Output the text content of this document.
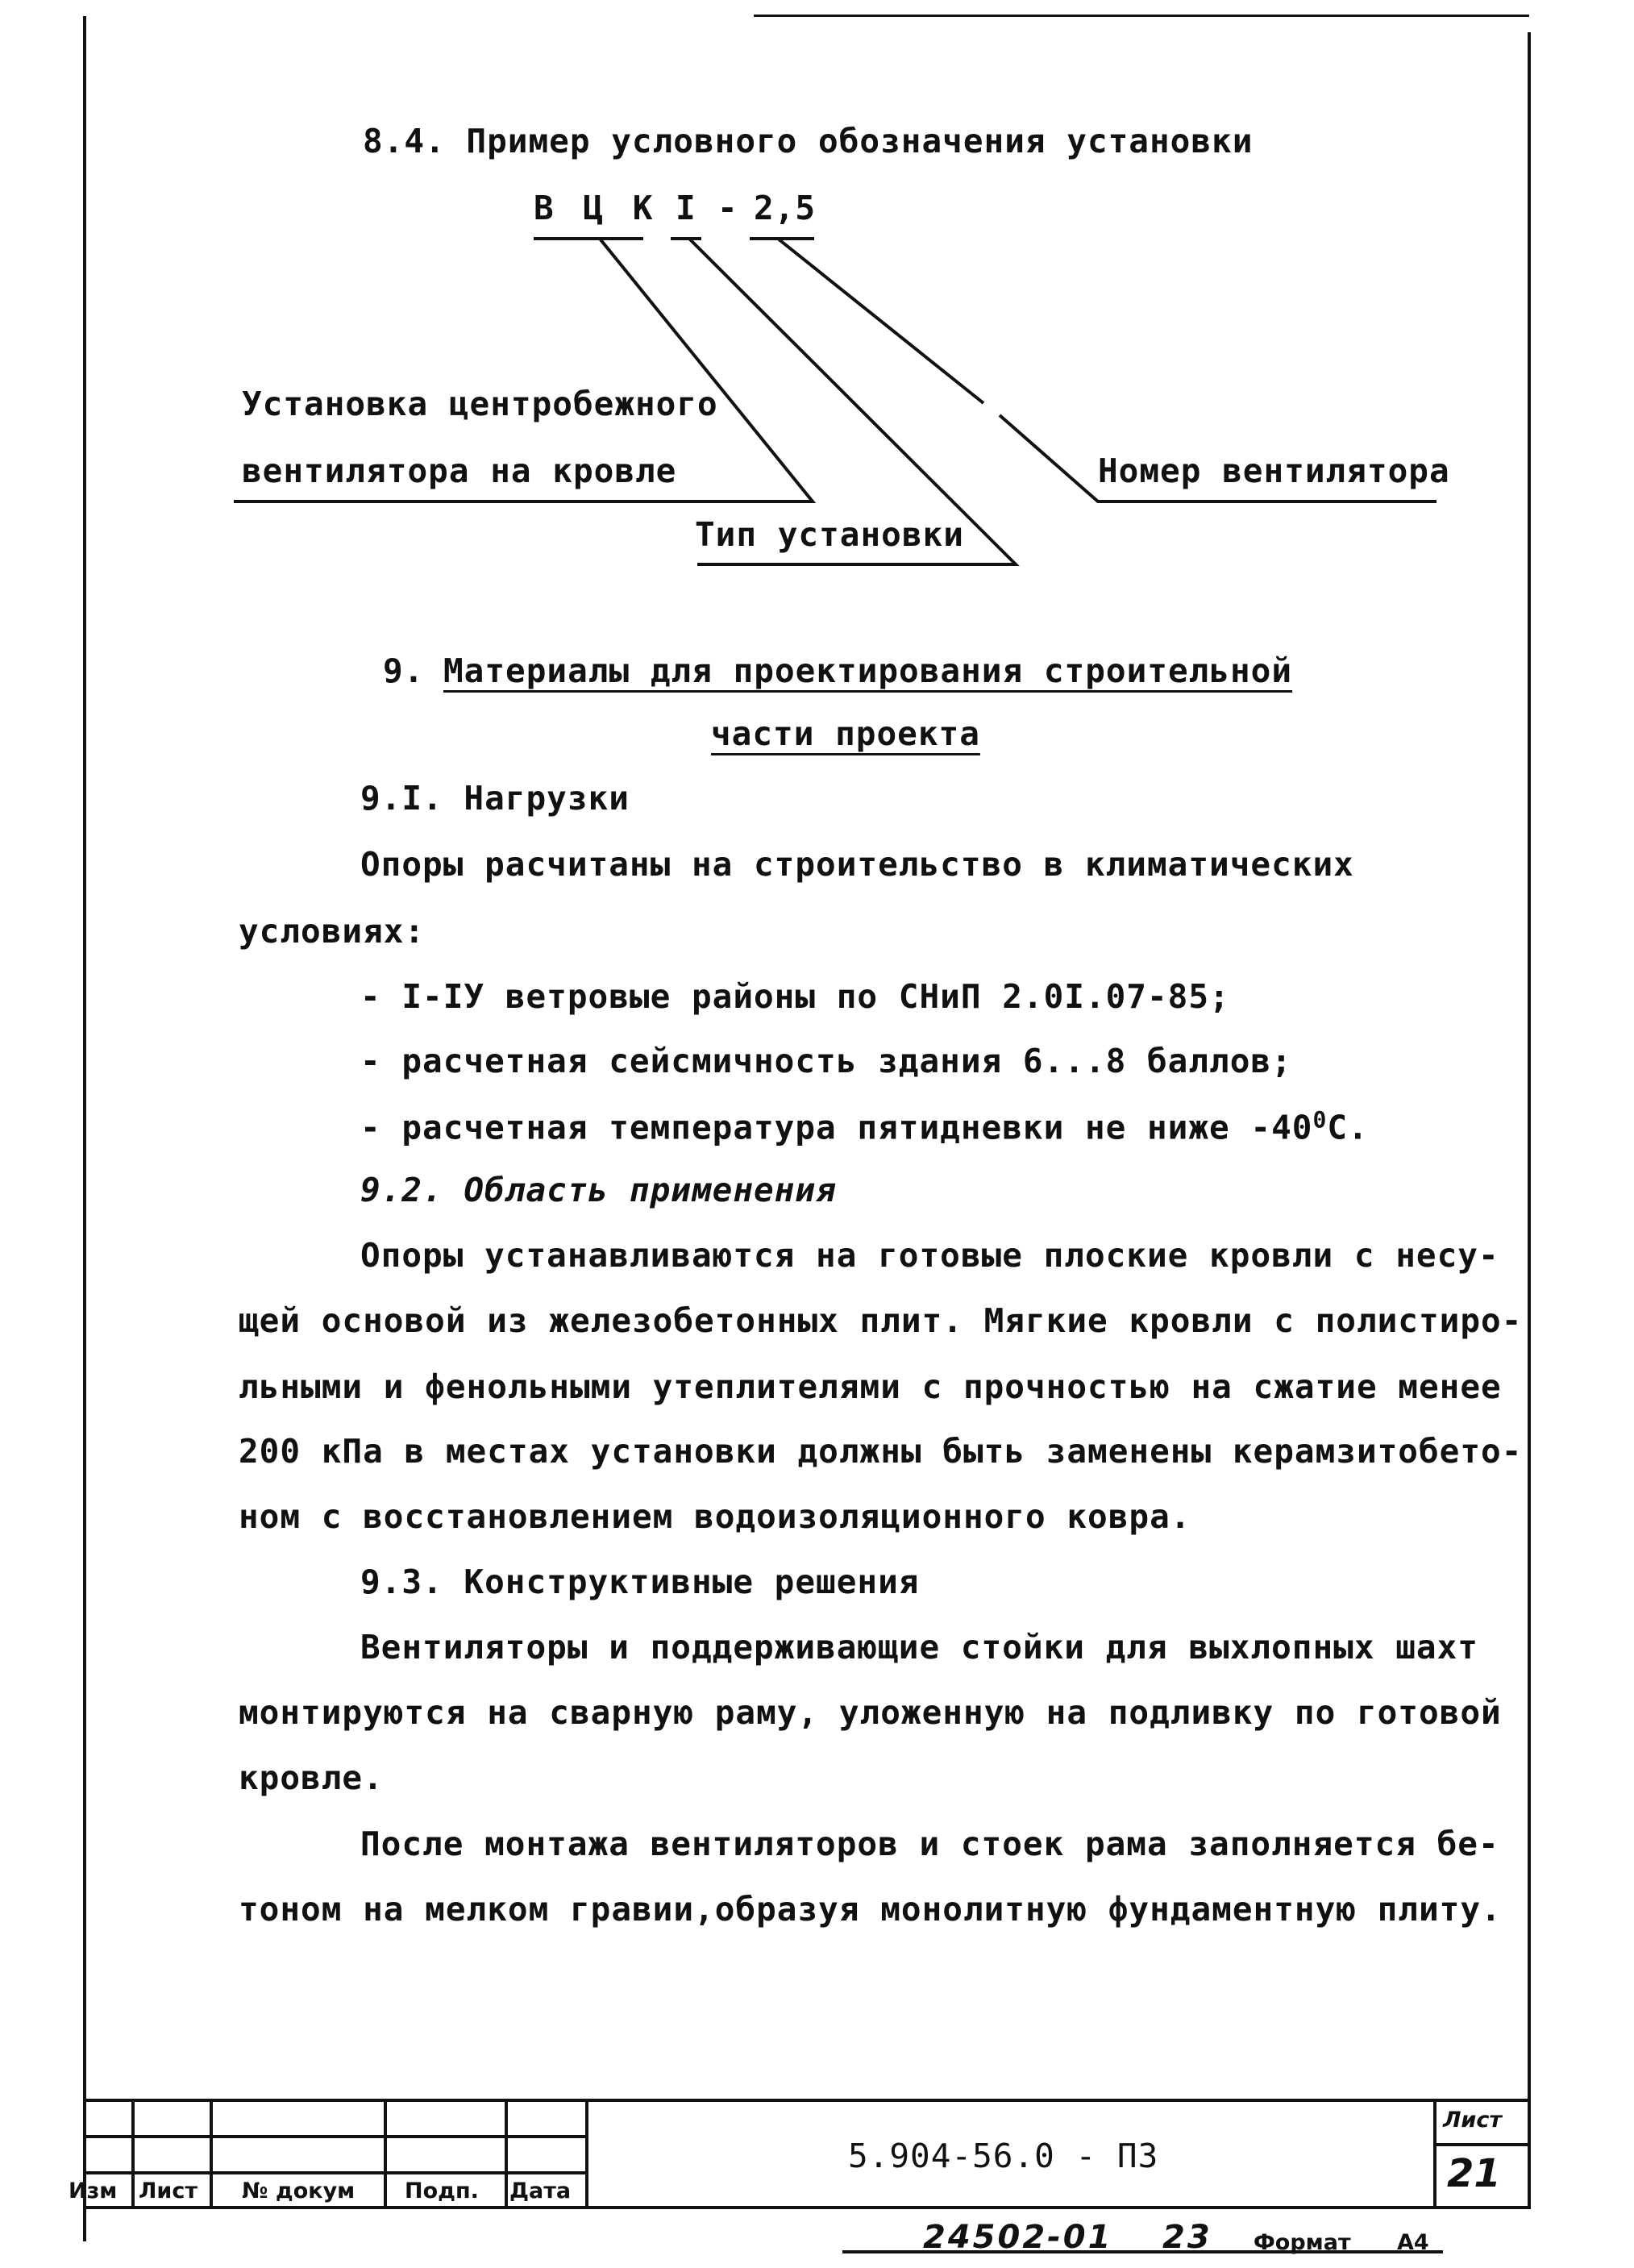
8.4. Пример условного обозначения установки
В Ц К I - 2,5
Установка центробежного
вентилятора на кровле	Номер вентилятора
Тип установки
9. Материалы для проектирования строительной
части проекта
9.I. Нагрузки
Опоры расчитаны на строительство в климатических
условиях:
- I-IУ ветровые районы по СНиП 2.0I.07-85;
- расчетная сейсмичность здания 6...8 баллов;
- расчетная температура пятидневки не ниже $-40^0С$.
9.2. Область применения
Опоры устанавливаются на готовые плоские кровли с несу-
щей основой из железобетонных плит. Мягкие кровли с полистиро-
льными и фенольными утеплителями с прочностью на сжатие менее
200 кПа в местах установки должны быть заменены керамзитобето-
ном с восстановлением водоизоляционного ковра.
9.3. Конструктивные решения
Вентиляторы и поддерживающие стойки для выхлопных шахт
монтируются на сварную раму, уложенную на подливку по готовой
кровле.
После монтажа вентиляторов и стоек рама заполняется бе-
тоном на мелком гравии,образуя монолитную фундаментную плиту.
Изм Лист № докум Подп. Дата
5.904-56.0 - ПЗ
Лист
21
24502-01 23 Формат А4
